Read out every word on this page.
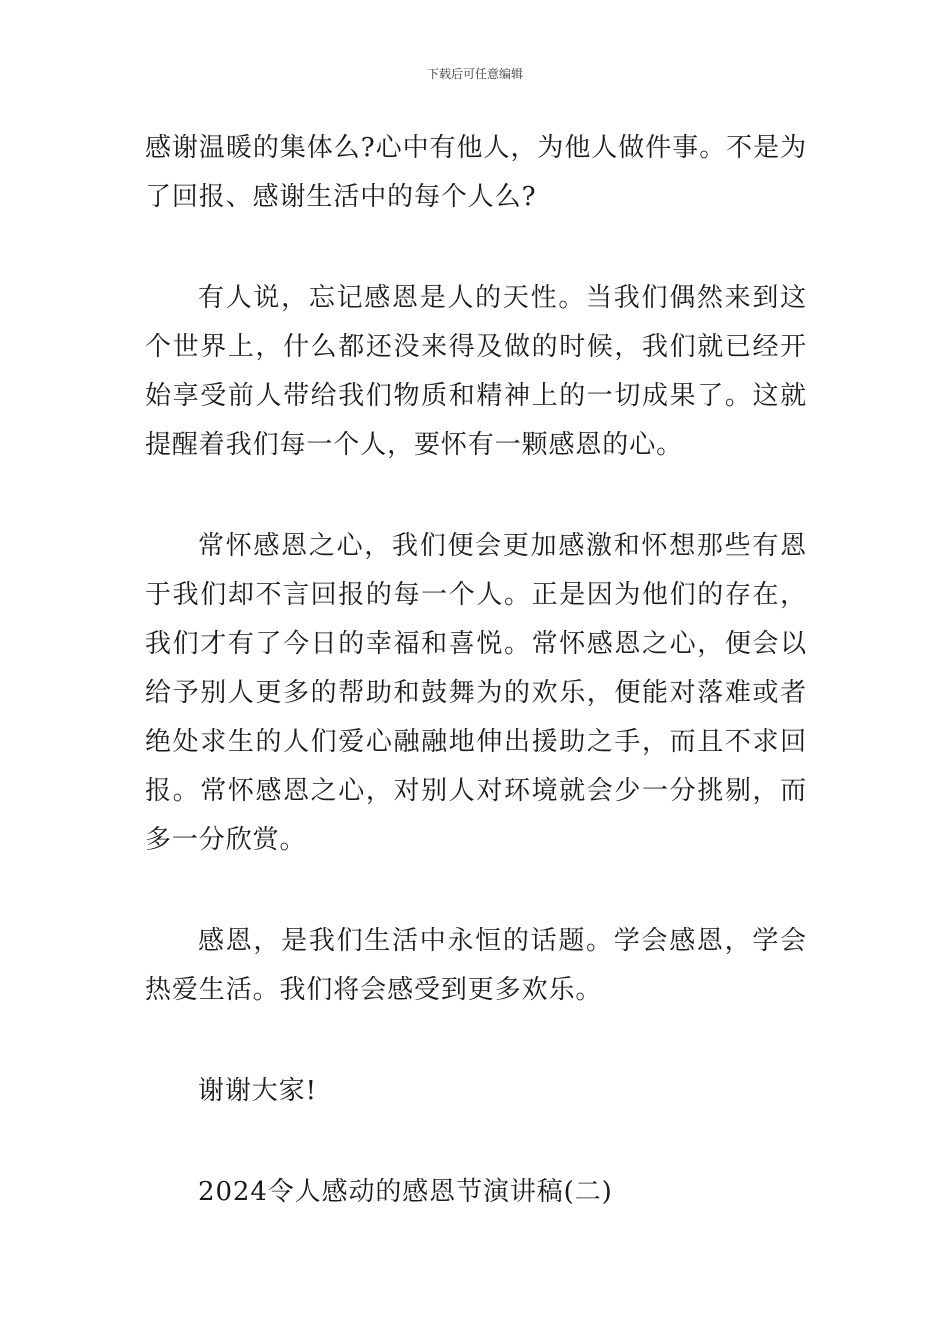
下载后可任意编辑

感谢温暖的集体么?心中有他人，为他人做件事。不是为了回报、感谢生活中的每个人么?

有人说，忘记感恩是人的天性。当我们偶然来到这个世界上，什么都还没来得及做的时候，我们就已经开始享受前人带给我们物质和精神上的一切成果了。这就提醒着我们每一个人，要怀有一颗感恩的心。

常怀感恩之心，我们便会更加感激和怀想那些有恩于我们却不言回报的每一个人。正是因为他们的存在，我们才有了今日的幸福和喜悦。常怀感恩之心，便会以给予别人更多的帮助和鼓舞为的欢乐，便能对落难或者绝处求生的人们爱心融融地伸出援助之手，而且不求回报。常怀感恩之心，对别人对环境就会少一分挑剔，而多一分欣赏。

感恩，是我们生活中永恒的话题。学会感恩，学会热爱生活。我们将会感受到更多欢乐。

谢谢大家!

2024令人感动的感恩节演讲稿(二)
